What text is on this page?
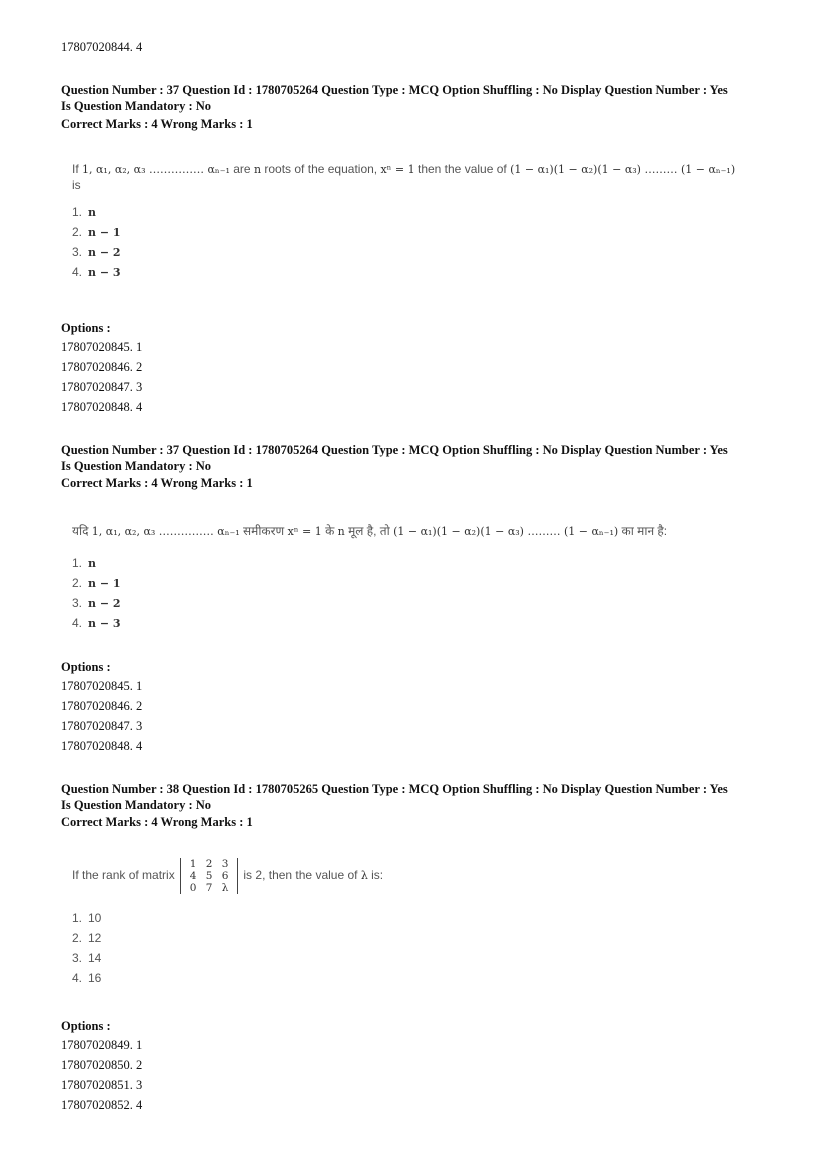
17807020844. 4
Question Number : 37 Question Id : 1780705264 Question Type : MCQ Option Shuffling : No Display Question Number : Yes
Is Question Mandatory : No
Correct Marks : 4 Wrong Marks : 1
If 1, α₁, α₂, α₃ …………… αₙ₋₁ are n roots of the equation, xⁿ = 1 then the value of (1 − α₁)(1 − α₂)(1 − α₃) ……… (1 − αₙ₋₁)
is
1. n
2. n − 1
3. n − 2
4. n − 3
Options :
17807020845. 1
17807020846. 2
17807020847. 3
17807020848. 4
Question Number : 37 Question Id : 1780705264 Question Type : MCQ Option Shuffling : No Display Question Number : Yes
Is Question Mandatory : No
Correct Marks : 4 Wrong Marks : 1
यदि 1, α₁, α₂, α₃ …………… αₙ₋₁ समीकरण xⁿ = 1 के n मूल है, तो (1 − α₁)(1 − α₂)(1 − α₃) ……… (1 − αₙ₋₁) का मान है:
1. n
2. n − 1
3. n − 2
4. n − 3
Options :
17807020845. 1
17807020846. 2
17807020847. 3
17807020848. 4
Question Number : 38 Question Id : 1780705265 Question Type : MCQ Option Shuffling : No Display Question Number : Yes
Is Question Mandatory : No
Correct Marks : 4 Wrong Marks : 1
If the rank of matrix
1 2 3
4 5 6
0 7 λ
is 2, then the value of λ is:
1. 10
2. 12
3. 14
4. 16
Options :
17807020849. 1
17807020850. 2
17807020851. 3
17807020852. 4
